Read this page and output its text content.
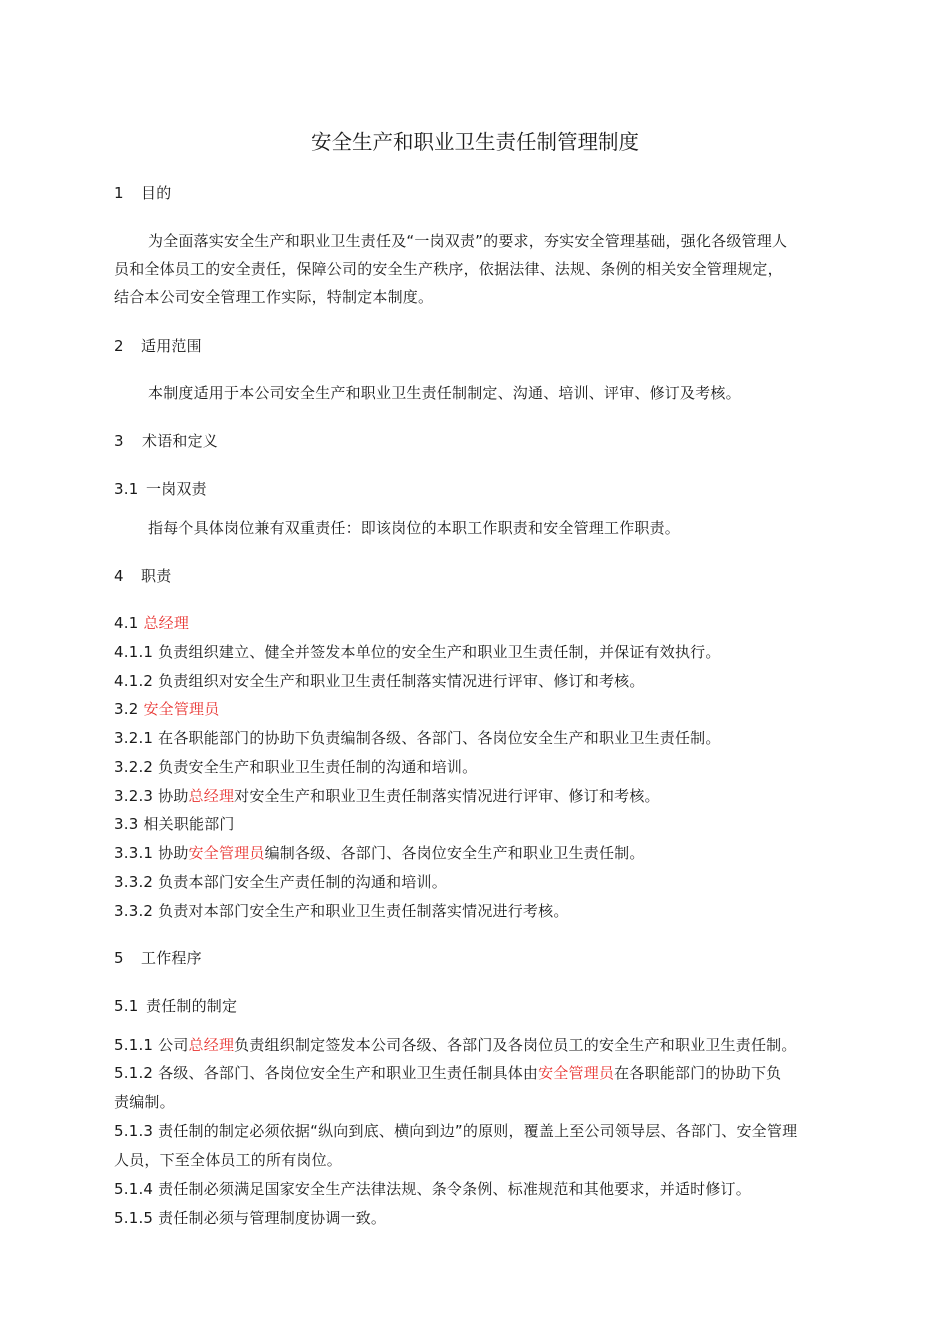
安全生产和职业卫生责任制管理制度
1 目的
为全面落实安全生产和职业卫生责任及“一岗双责”的要求，夯实安全管理基础，强化各级管理人
员和全体员工的安全责任，保障公司的安全生产秩序，依据法律、法规、条例的相关安全管理规定，
结合本公司安全管理工作实际，特制定本制度。
2 适用范围
本制度适用于本公司安全生产和职业卫生责任制制定、沟通、培训、评审、修订及考核。
3 术语和定义
3.1 一岗双责
指每个具体岗位兼有双重责任：即该岗位的本职工作职责和安全管理工作职责。
4 职责
4.1 总经理
4.1.1 负责组织建立、健全并签发本单位的安全生产和职业卫生责任制，并保证有效执行。
4.1.2 负责组织对安全生产和职业卫生责任制落实情况进行评审、修订和考核。
3.2 安全管理员
3.2.1 在各职能部门的协助下负责编制各级、各部门、各岗位安全生产和职业卫生责任制。
3.2.2 负责安全生产和职业卫生责任制的沟通和培训。
3.2.3 协助总经理对安全生产和职业卫生责任制落实情况进行评审、修订和考核。
3.3 相关职能部门
3.3.1 协助安全管理员编制各级、各部门、各岗位安全生产和职业卫生责任制。
3.3.2 负责本部门安全生产责任制的沟通和培训。
3.3.2 负责对本部门安全生产和职业卫生责任制落实情况进行考核。
5 工作程序
5.1 责任制的制定
5.1.1 公司总经理负责组织制定签发本公司各级、各部门及各岗位员工的安全生产和职业卫生责任制。
5.1.2 各级、各部门、各岗位安全生产和职业卫生责任制具体由安全管理员在各职能部门的协助下负
责编制。
5.1.3 责任制的制定必须依据“纵向到底、横向到边”的原则，覆盖上至公司领导层、各部门、安全管理
人员，下至全体员工的所有岗位。
5.1.4 责任制必须满足国家安全生产法律法规、条令条例、标准规范和其他要求，并适时修订。
5.1.5 责任制必须与管理制度协调一致。
